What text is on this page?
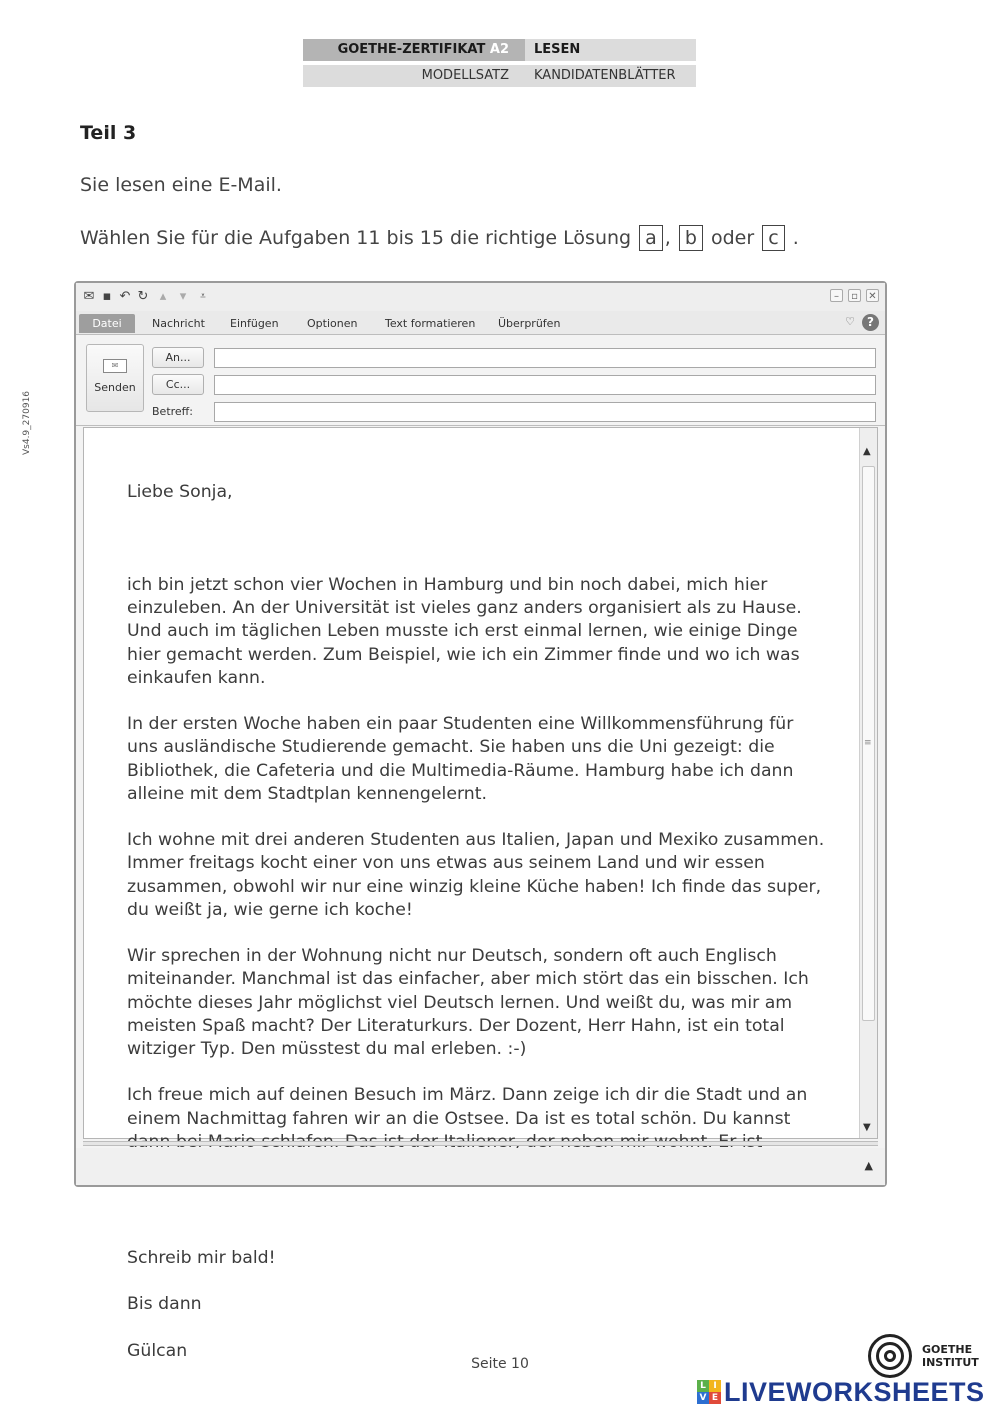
GOETHE-ZERTIFIKAT A2	LESEN
MODELLSATZ	KANDIDATENBLÄTTER
Vs4.9_270916
Teil 3
Sie lesen eine E-Mail.
Wählen Sie für die Aufgaben 11 bis 15 die richtige Lösung a , b oder c .
✉ ▪ ↶ ↻ ▴ ▾	⩡	–	▫	✕
Datei	Nachricht Einfügen	Optionen	Text formatieren Überprüfen	♡	?
✉
Senden
An...
Cc...
Betreff:

Liebe Sonja,

ich bin jetzt schon vier Wochen in Hamburg und bin noch dabei, mich hier einzuleben. An der Universität ist vieles ganz anders organisiert als zu Hause. Und auch im täglichen Leben musste ich erst einmal lernen, wie einige Dinge hier gemacht werden. Zum Beispiel, wie ich ein Zimmer finde und wo ich was einkaufen kann.

In der ersten Woche haben ein paar Studenten eine Willkommensführung für uns ausländische Studierende gemacht. Sie haben uns die Uni gezeigt: die Bibliothek, die Cafeteria und die Multimedia-Räume. Hamburg habe ich dann alleine mit dem Stadtplan kennengelernt.

Ich wohne mit drei anderen Studenten aus Italien, Japan und Mexiko zusammen. Immer freitags kocht einer von uns etwas aus seinem Land und wir essen zusammen, obwohl wir nur eine winzig kleine Küche haben! Ich finde das super, du weißt ja, wie gerne ich koche!

Wir sprechen in der Wohnung nicht nur Deutsch, sondern oft auch Englisch miteinander. Manchmal ist das einfacher, aber mich stört das ein bisschen. Ich möchte dieses Jahr möglichst viel Deutsch lernen. Und weißt du, was mir am meisten Spaß macht? Der Literaturkurs. Der Dozent, Herr Hahn, ist ein total witziger Typ. Den müsstest du mal erleben. :-)

Ich freue mich auf deinen Besuch im März. Dann zeige ich dir die Stadt und an einem Nachmittag fahren wir an die Ostsee. Da ist es total schön. Du kannst

Schreib mir bald!

Bis dann

Gülcan

▲
≡
▼
▲
Seite 10
GOETHE
INSTITUT
L I
V E LIVEWORKSHEETS
